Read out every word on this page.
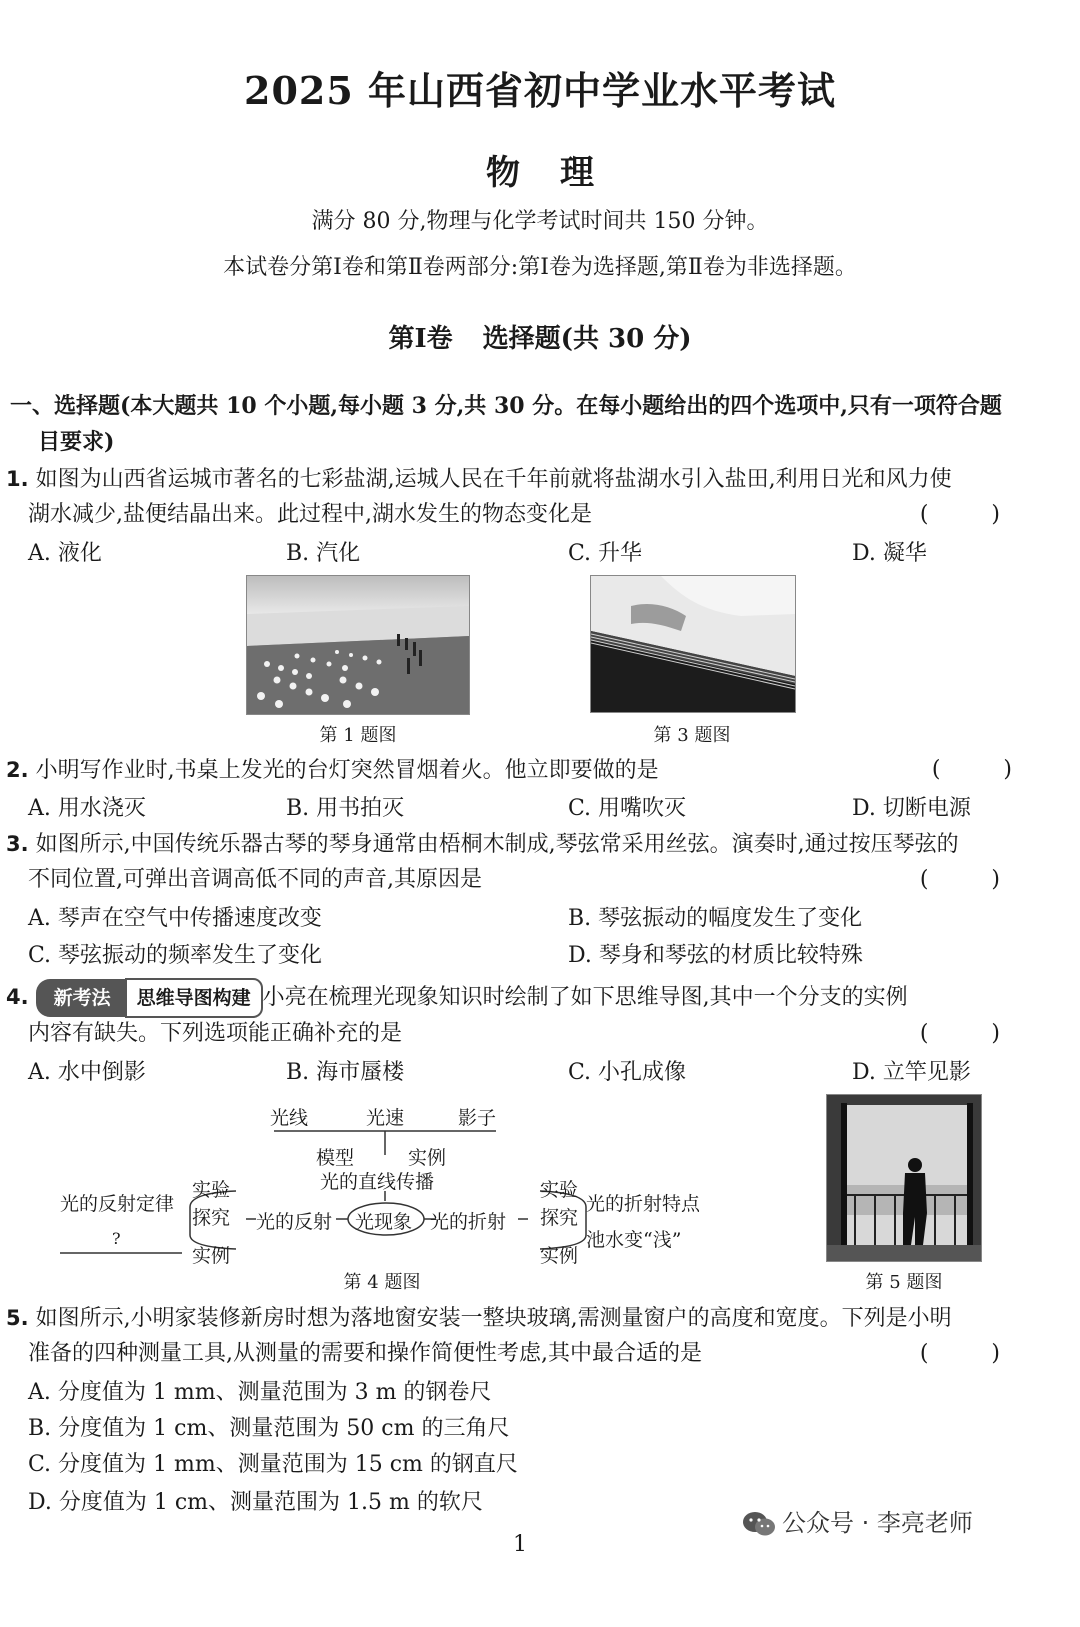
2025 年山西省初中学业水平考试
物理
满分 80 分,物理与化学考试时间共 150 分钟。
本试卷分第Ⅰ卷和第Ⅱ卷两部分:第Ⅰ卷为选择题,第Ⅱ卷为非选择题。
第Ⅰ卷 选择题(共 30 分)
一、选择题(本大题共 10 个小题,每小题 3 分,共 30 分。在每小题给出的四个选项中,只有一项符合题
目要求)
1. 如图为山西省运城市著名的七彩盐湖,运城人民在千年前就将盐湖水引入盐田,利用日光和风力使
湖水减少,盐便结晶出来。此过程中,湖水发生的物态变化是	( )
A. 液化	B. 汽化	C. 升华	D. 凝华
第 1 题图	第 3 题图
2. 小明写作业时,书桌上发光的台灯突然冒烟着火。他立即要做的是	( )
A. 用水浇灭	B. 用书拍灭	C. 用嘴吹灭	D. 切断电源
3. 如图所示,中国传统乐器古琴的琴身通常由梧桐木制成,琴弦常采用丝弦。演奏时,通过按压琴弦的
不同位置,可弹出音调高低不同的声音,其原因是	( )
A. 琴声在空气中传播速度改变	B. 琴弦振动的幅度发生了变化
C. 琴弦振动的频率发生了变化	D. 琴身和琴弦的材质比较特殊
4. 新考法 思维导图构建 小亮在梳理光现象知识时绘制了如下思维导图,其中一个分支的实例
内容有缺失。下列选项能正确补充的是	( )
A. 水中倒影	B. 海市蜃楼	C. 小孔成像	D. 立竿见影
光线	光速	影子
模型	实例
光的直线传播
光现象
光的反射	光的折射
实验
探究
实例
实验
探究
实例
光的反射定律
?
光的折射特点
池水变“浅”
第 4 题图	第 5 题图
5. 如图所示,小明家装修新房时想为落地窗安装一整块玻璃,需测量窗户的高度和宽度。下列是小明
准备的四种测量工具,从测量的需要和操作简便性考虑,其中最合适的是	( )
A. 分度值为 1 mm、测量范围为 3 m 的钢卷尺
B. 分度值为 1 cm、测量范围为 50 cm 的三角尺
C. 分度值为 1 mm、测量范围为 15 cm 的钢直尺
D. 分度值为 1 cm、测量范围为 1.5 m 的软尺
1
公众号 · 李亮老师
